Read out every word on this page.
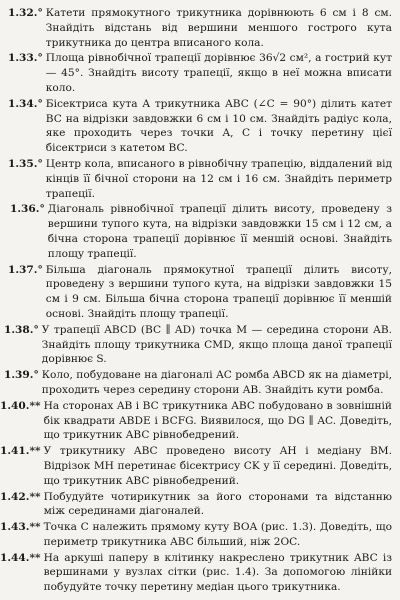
1.32.° Катети прямокутного трикутника дорівнюють 6 см і 8 см. Знайдіть відстань від вершини меншого гострого кута трикутника до центра вписаного кола.
1.33.° Площа рівнобічної трапеції дорівнює 36√2 см², а гострий кут — 45°. Знайдіть висоту трапеції, якщо в неї можна вписати коло.
1.34.° Бісектриса кута A трикутника ABC (∠C = 90°) ділить катет BC на відрізки завдовжки 6 см і 10 см. Знайдіть радіус кола, яке проходить через точки A, C і точку перетину цієї бісектриси з катетом BC.
1.35.° Центр кола, вписаного в рівнобічну трапецію, віддалений від кінців її бічної сторони на 12 см і 16 см. Знайдіть периметр трапеції.
1.36.° Діагональ рівнобічної трапеції ділить висоту, проведену з вершини тупого кута, на відрізки завдовжки 15 см і 12 см, а бічна сторона трапеції дорівнює її меншій основі. Знайдіть площу трапеції.
1.37.° Більша діагональ прямокутної трапеції ділить висоту, проведену з вершини тупого кута, на відрізки завдовжки 15 см і 9 см. Більша бічна сторона трапеції дорівнює її меншій основі. Знайдіть площу трапеції.
1.38.° У трапеції ABCD (BC ∥ AD) точка M — середина сторони AB. Знайдіть площу трикутника CMD, якщо площа даної трапеції дорівнює S.
1.39.° Коло, побудоване на діагоналі AC ромба ABCD як на діаметрі, проходить через середину сторони AB. Знайдіть кути ромба.
1.40.** На сторонах AB і BC трикутника ABC побудовано в зовнішній бік квадрати ABDE і BCFG. Виявилося, що DG ∥ AC. Доведіть, що трикутник ABC рівнобедрений.
1.41.** У трикутнику ABC проведено висоту AH і медіану BM. Відрізок MH перетинає бісектрису CK у її середині. Доведіть, що трикутник ABC рівнобедрений.
1.42.** Побудуйте чотирикутник за його сторонами та відстанню між серединами діагоналей.
1.43.** Точка C належить прямому куту BOA (рис. 1.3). Доведіть, що периметр трикутника ABC більший, ніж 2OC.
1.44.** На аркуші паперу в клітинку накреслено трикутник ABC із вершинами у вузлах сітки (рис. 1.4). За допомогою лінійки побудуйте точку перетину медіан цього трикутника.
